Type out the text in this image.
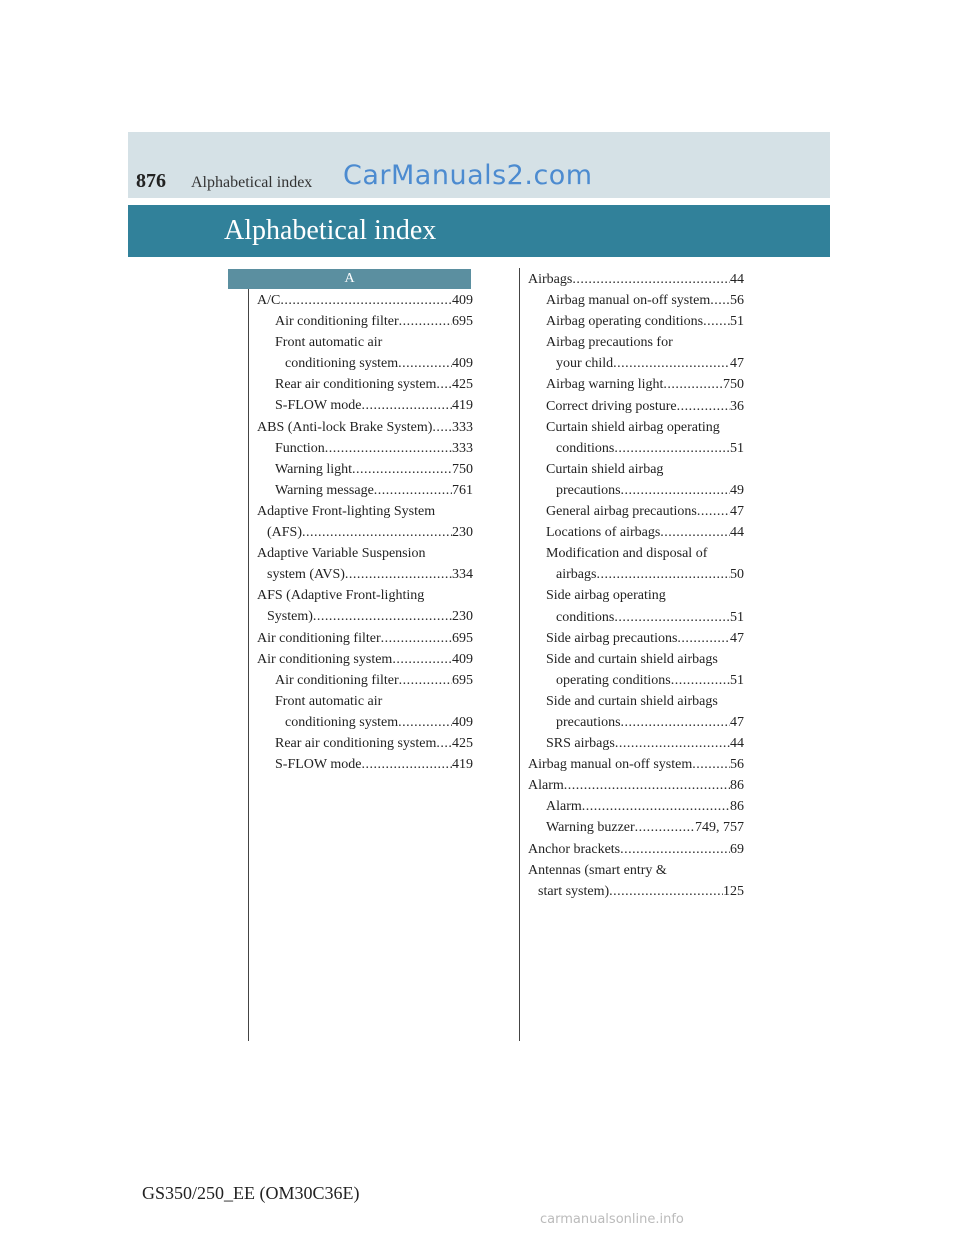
876 Alphabetical index CarManuals2.com
Alphabetical index
A
A/C .....	409
Air conditioning filter .....	695
Front automatic air
conditioning system .....	409
Rear air conditioning system ..... 425
S-FLOW mode .....	419
ABS (Anti-lock Brake System) ..... 333
Function .....	333
Warning light .....	750
Warning message .....	761
Adaptive Front-lighting System
(AFS) .....	230
Adaptive Variable Suspension
system (AVS) .....	334
AFS (Adaptive Front-lighting
System) .....	230
Air conditioning filter .....	695
Air conditioning system .....	409
Air conditioning filter .....	695
Front automatic air
conditioning system .....	409
Rear air conditioning system ..... 425
S-FLOW mode .....	419
Airbags .....	44
Airbag manual on-off system ..... 56
Airbag operating conditions ..... 51
Airbag precautions for
your child .....	47
Airbag warning light .....	750
Correct driving posture .....	36
Curtain shield airbag operating
conditions .....	51
Curtain shield airbag
precautions .....	49
General airbag precautions ..... 47
Locations of airbags .....	44
Modification and disposal of
airbags .....	50
Side airbag operating
conditions .....	51
Side airbag precautions .....	47
Side and curtain shield airbags
operating conditions .....	51
Side and curtain shield airbags
precautions .....	47
SRS airbags .....	44
Airbag manual on-off system .....	56
Alarm .....	86
Alarm .....	86
Warning buzzer .....	749, 757
Anchor brackets .....	69
Antennas (smart entry &
start system) .....	125
GS350/250_EE (OM30C36E)
carmanualsonline.info
